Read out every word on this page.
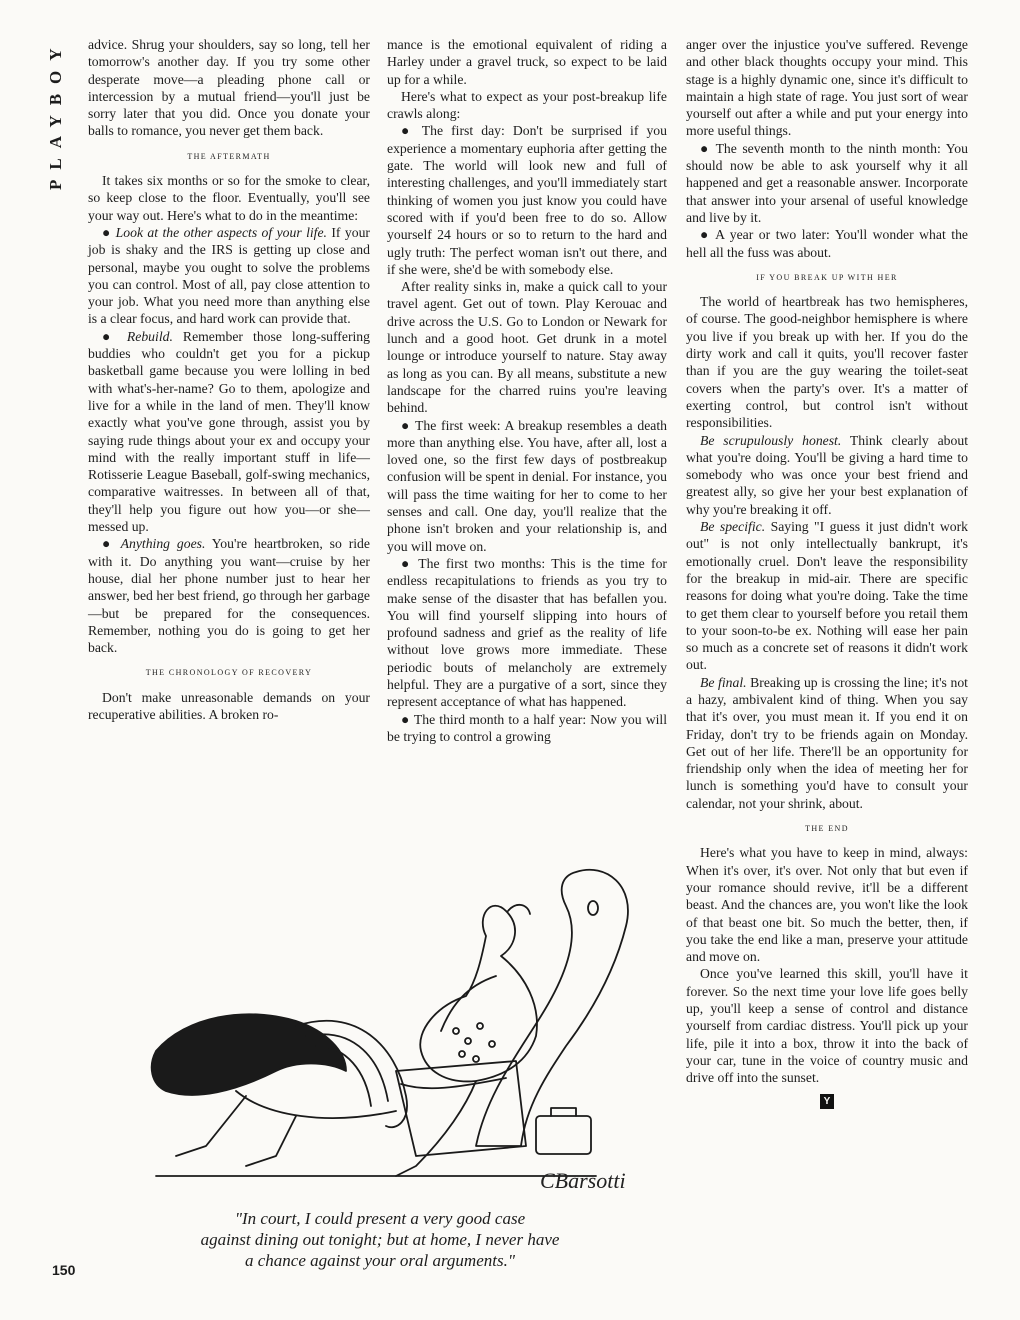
PLAYBOY
150

advice. Shrug your shoulders, say so long, tell her tomorrow's another day. If you try some other desperate move—a pleading phone call or intercession by a mutual friend—you'll just be sorry later that you did. Once you donate your balls to romance, you never get them back.

THE AFTERMATH

It takes six months or so for the smoke to clear, so keep close to the floor. Eventually, you'll see your way out. Here's what to do in the meantime:

● Look at the other aspects of your life. If your job is shaky and the IRS is getting up close and personal, maybe you ought to solve the problems you can control. Most of all, pay close attention to your job. What you need more than anything else is a clear focus, and hard work can provide that.

● Rebuild. Remember those long-suffering buddies who couldn't get you for a pickup basketball game because you were lolling in bed with what's-her-name? Go to them, apologize and live for a while in the land of men. They'll know exactly what you've gone through, assist you by saying rude things about your ex and occupy your mind with the really important stuff in life—Rotisserie League Baseball, golf-swing mechanics, comparative waitresses. In between all of that, they'll help you figure out how you—or she—messed up.

● Anything goes. You're heartbroken, so ride with it. Do anything you want—cruise by her house, dial her phone number just to hear her answer, bed her best friend, go through her garbage—but be prepared for the consequences. Remember, nothing you do is going to get her back.

THE CHRONOLOGY OF RECOVERY

Don't make unreasonable demands on your recuperative abilities. A broken ro-

mance is the emotional equivalent of riding a Harley under a gravel truck, so expect to be laid up for a while.

Here's what to expect as your post-breakup life crawls along:

● The first day: Don't be surprised if you experience a momentary euphoria after getting the gate. The world will look new and full of interesting challenges, and you'll immediately start thinking of women you just know you could have scored with if you'd been free to do so. Allow yourself 24 hours or so to return to the hard and ugly truth: The perfect woman isn't out there, and if she were, she'd be with somebody else.

After reality sinks in, make a quick call to your travel agent. Get out of town. Play Kerouac and drive across the U.S. Go to London or Newark for lunch and a good hoot. Get drunk in a motel lounge or introduce yourself to nature. Stay away as long as you can. By all means, substitute a new landscape for the charred ruins you're leaving behind.

● The first week: A breakup resembles a death more than anything else. You have, after all, lost a loved one, so the first few days of postbreakup confusion will be spent in denial. For instance, you will pass the time waiting for her to come to her senses and call. One day, you'll realize that the phone isn't broken and your relationship is, and you will move on.

● The first two months: This is the time for endless recapitulations to friends as you try to make sense of the disaster that has befallen you. You will find yourself slipping into hours of profound sadness and grief as the reality of life without love grows more immediate. These periodic bouts of melancholy are extremely helpful. They are a purgative of a sort, since they represent acceptance of what has happened.

● The third month to a half year: Now you will be trying to control a growing

anger over the injustice you've suffered. Revenge and other black thoughts occupy your mind. This stage is a highly dynamic one, since it's difficult to maintain a high state of rage. You just sort of wear yourself out after a while and put your energy into more useful things.

● The seventh month to the ninth month: You should now be able to ask yourself why it all happened and get a reasonable answer. Incorporate that answer into your arsenal of useful knowledge and live by it.

● A year or two later: You'll wonder what the hell all the fuss was about.

IF YOU BREAK UP WITH HER

The world of heartbreak has two hemispheres, of course. The good-neighbor hemisphere is where you live if you break up with her. If you do the dirty work and call it quits, you'll recover faster than if you are the guy wearing the toilet-seat covers when the party's over. It's a matter of exerting control, but control isn't without responsibilities.

Be scrupulously honest. Think clearly about what you're doing. You'll be giving a hard time to somebody who was once your best friend and greatest ally, so give her your best explanation of why you're breaking it off.

Be specific. Saying "I guess it just didn't work out" is not only intellectually bankrupt, it's emotionally cruel. Don't leave the responsibility for the breakup in mid-air. There are specific reasons for doing what you're doing. Take the time to get them clear to yourself before you retail them to your soon-to-be ex. Nothing will ease her pain so much as a concrete set of reasons it didn't work out.

Be final. Breaking up is crossing the line; it's not a hazy, ambivalent kind of thing. When you say that it's over, you must mean it. If you end it on Friday, don't try to be friends again on Monday. Get out of her life. There'll be an opportunity for friendship only when the idea of meeting her for lunch is something you'd have to consult your calendar, not your shrink, about.

THE END

Here's what you have to keep in mind, always: When it's over, it's over. Not only that but even if your romance should revive, it'll be a different beast. And the chances are, you won't like the look of that beast one bit. So much the better, then, if you take the end like a man, preserve your attitude and move on.

Once you've learned this skill, you'll have it forever. So the next time your love life goes belly up, you'll keep a sense of control and distance yourself from cardiac distress. You'll pick up your life, pile it into a box, throw it into the back of your car, tune in the voice of country music and drive off into the sunset.

Y
CBarsotti
"In court, I could present a very good case
against dining out tonight; but at home, I never have
a chance against your oral arguments."
